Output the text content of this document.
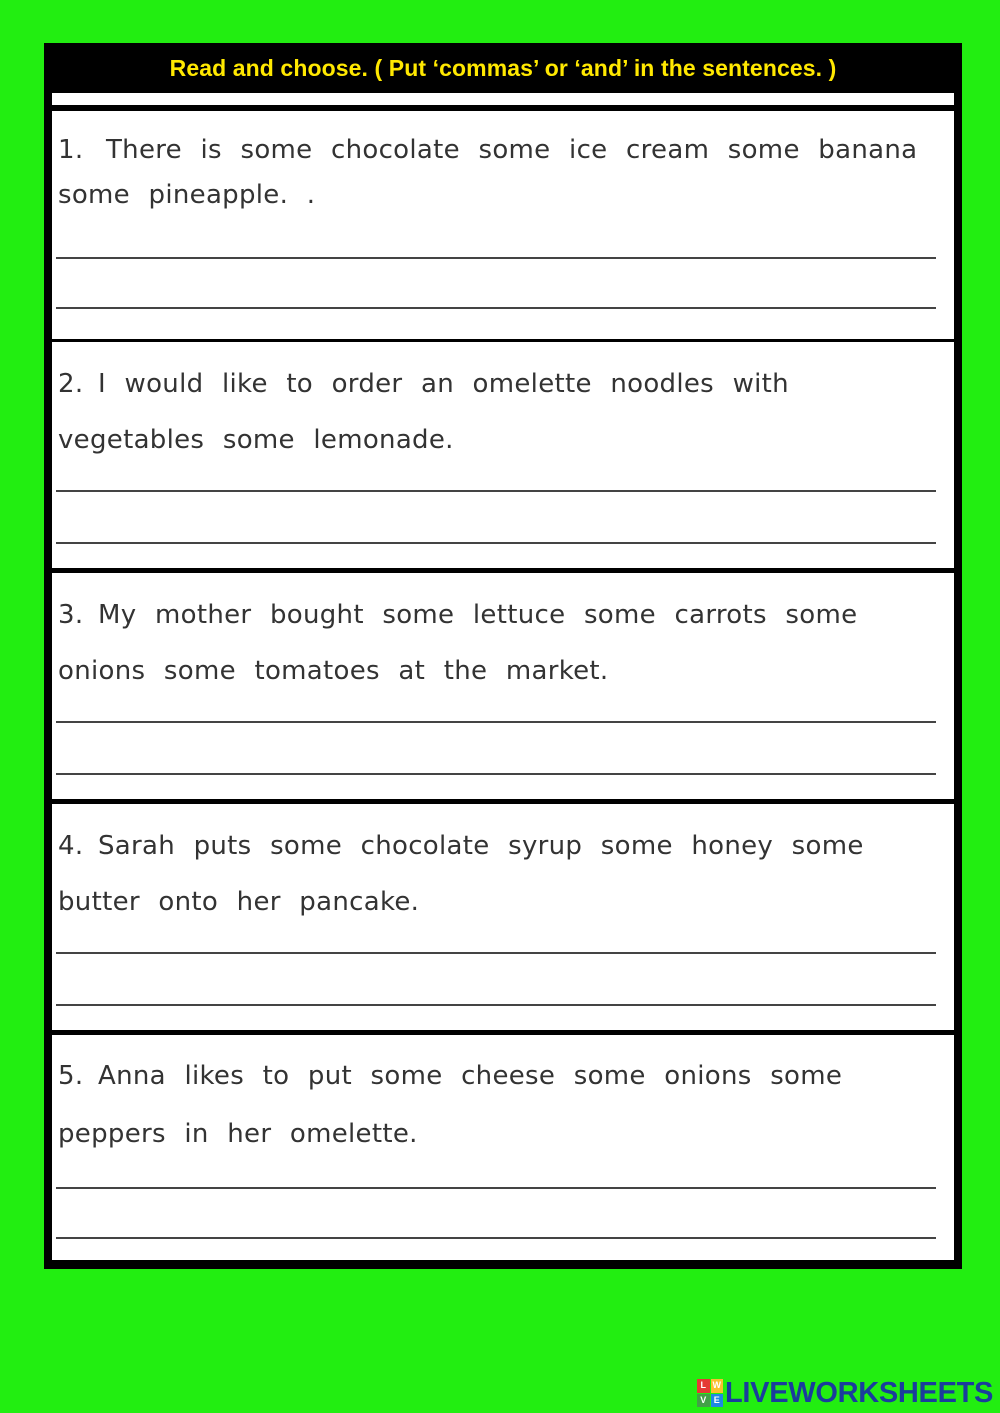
Read and choose. ( Put ‘commas’ or ‘and’ in the sentences. )
1. There is some chocolate some ice cream some banana some pineapple. .
2. I would like to order an omelette noodles with vegetables some lemonade.
3. My mother bought some lettuce some carrots some onions some tomatoes at the market.
4. Sarah puts some chocolate syrup some honey some butter onto her pancake.
5. Anna likes to put some cheese some onions some peppers in her omelette.
L W
V E LIVEWORKSHEETS
